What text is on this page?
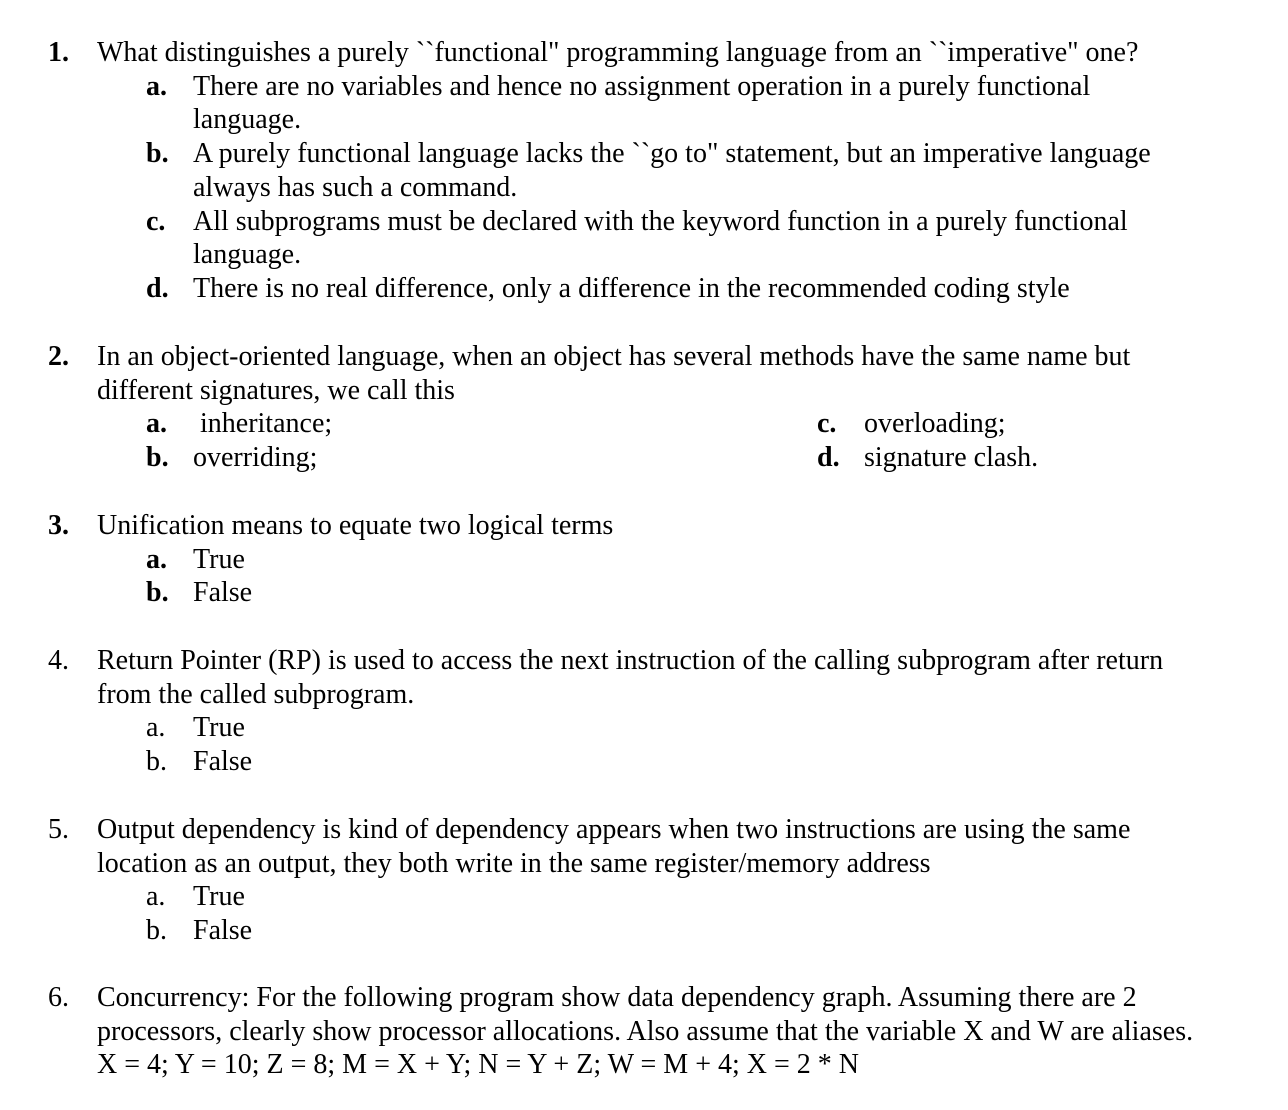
1. What distinguishes a purely ``functional" programming language from an ``imperative" one?
a. There are no variables and hence no assignment operation in a purely functional
language.
b. A purely functional language lacks the ``go to" statement, but an imperative language
always has such a command.
c. All subprograms must be declared with the keyword function in a purely functional
language.
d. There is no real difference, only a difference in the recommended coding style
2. In an object-oriented language, when an object has several methods have the same name but
different signatures, we call this
a. inheritance;
b. overriding;
c. overloading;
d. signature clash.
3. Unification means to equate two logical terms
a. True
b. False
4. Return Pointer (RP) is used to access the next instruction of the calling subprogram after return
from the called subprogram.
a. True
b. False
5. Output dependency is kind of dependency appears when two instructions are using the same
location as an output, they both write in the same register/memory address
a. True
b. False
6. Concurrency: For the following program show data dependency graph. Assuming there are 2
processors, clearly show processor allocations. Also assume that the variable X and W are aliases.
X = 4; Y = 10; Z = 8; M = X + Y; N = Y + Z; W = M + 4; X = 2 * N
